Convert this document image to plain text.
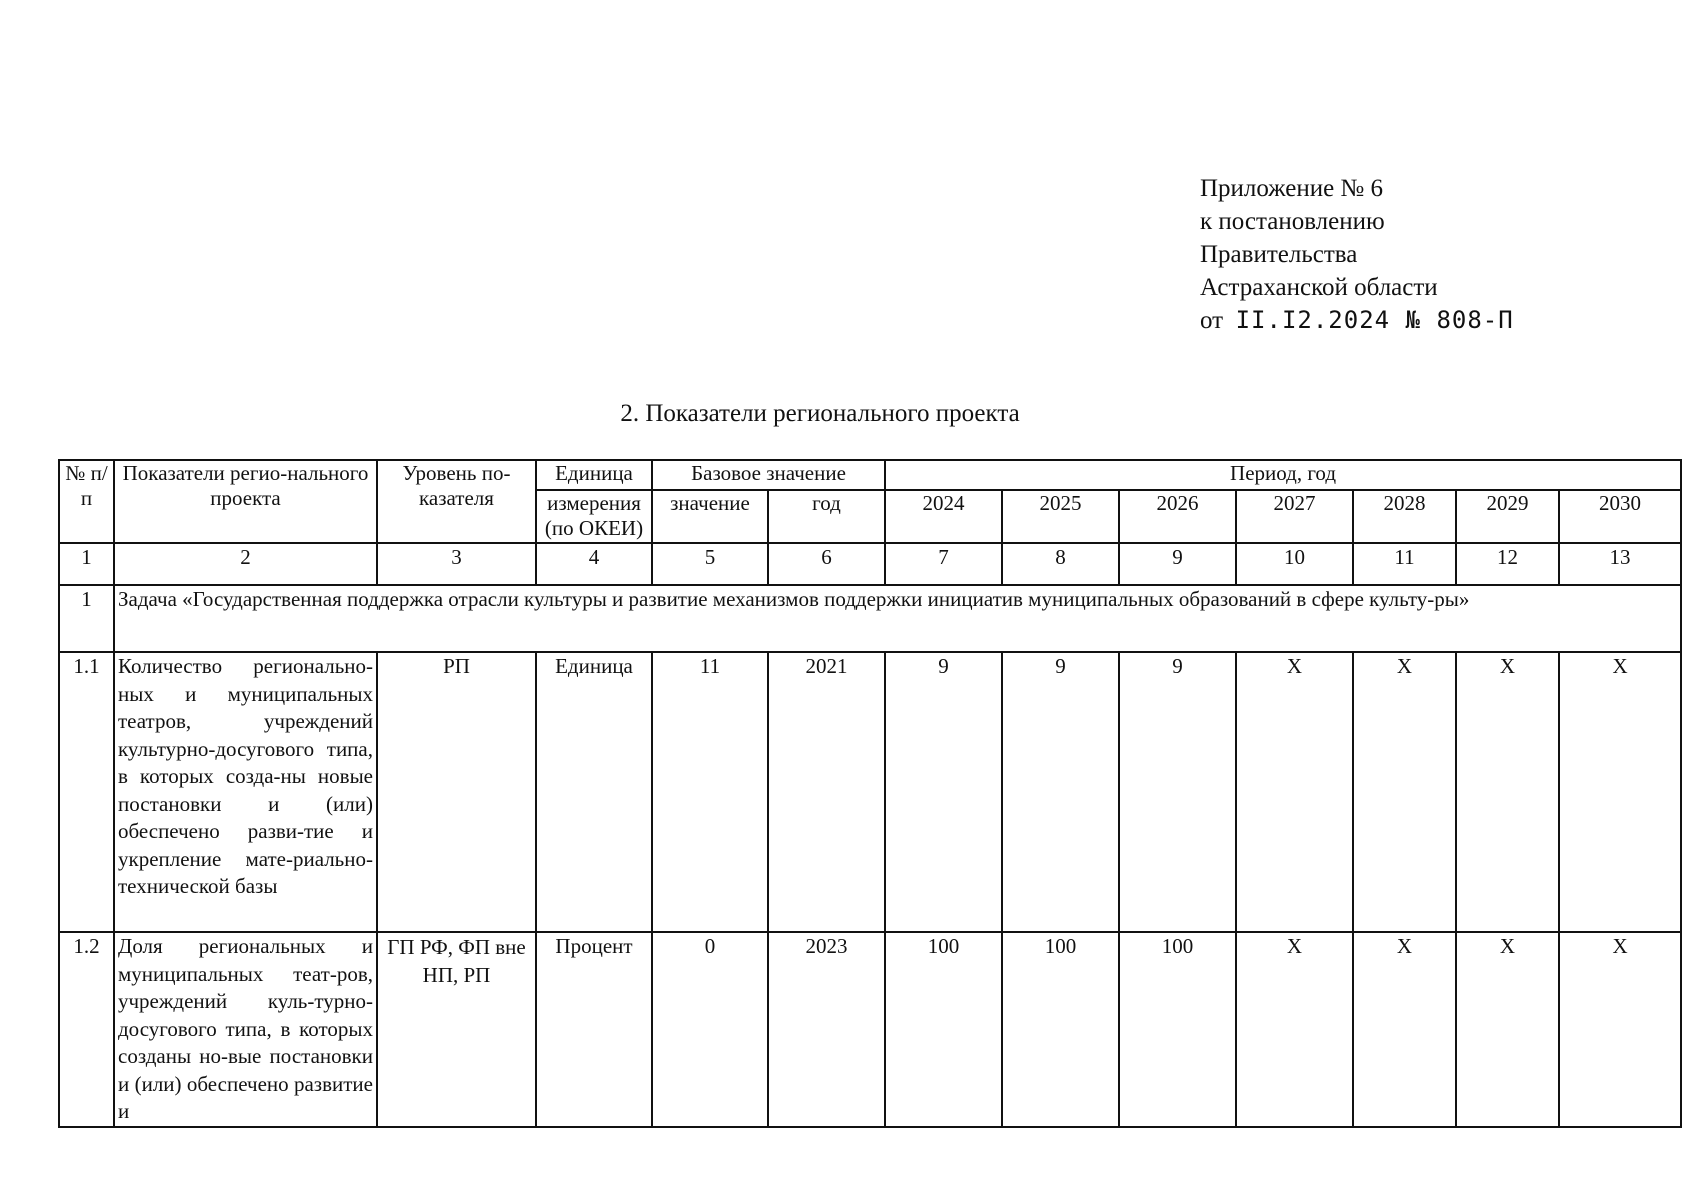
Приложение № 6
к постановлению
Правительства
Астраханской области
от II.I2.2024 № 808-П
2. Показатели регионального проекта
№ п/п	Показатели регио-нального проекта	Уровень по-казателя	Единица	Базовое значение		Период, год						
			измерения (по ОКЕИ)	значение	год	2024	2025	2026	2027	2028	2029	2030
1	2	3	4	5	6	7	8	9	10	11	12	13
1	Задача «Государственная поддержка отрасли культуры и развитие механизмов поддержки инициатив муниципальных образований в сфере культу-ры»											
1.1	Количество регионально-ных и муниципальных театров, учреждений культурно-досугового типа, в которых созда-ны новые постановки и (или) обеспечено разви-тие и укрепление мате-риально-технической базы	РП	Единица	11	2021	9	9	9	X	X	X	X
1.2	Доля региональных и муниципальных теат-ров, учреждений куль-турно-досугового типа, в которых созданы но-вые постановки и (или) обеспечено развитие и	ГП РФ, ФП вне НП, РП	Процент	0	2023	100	100	100	X	X	X	X
